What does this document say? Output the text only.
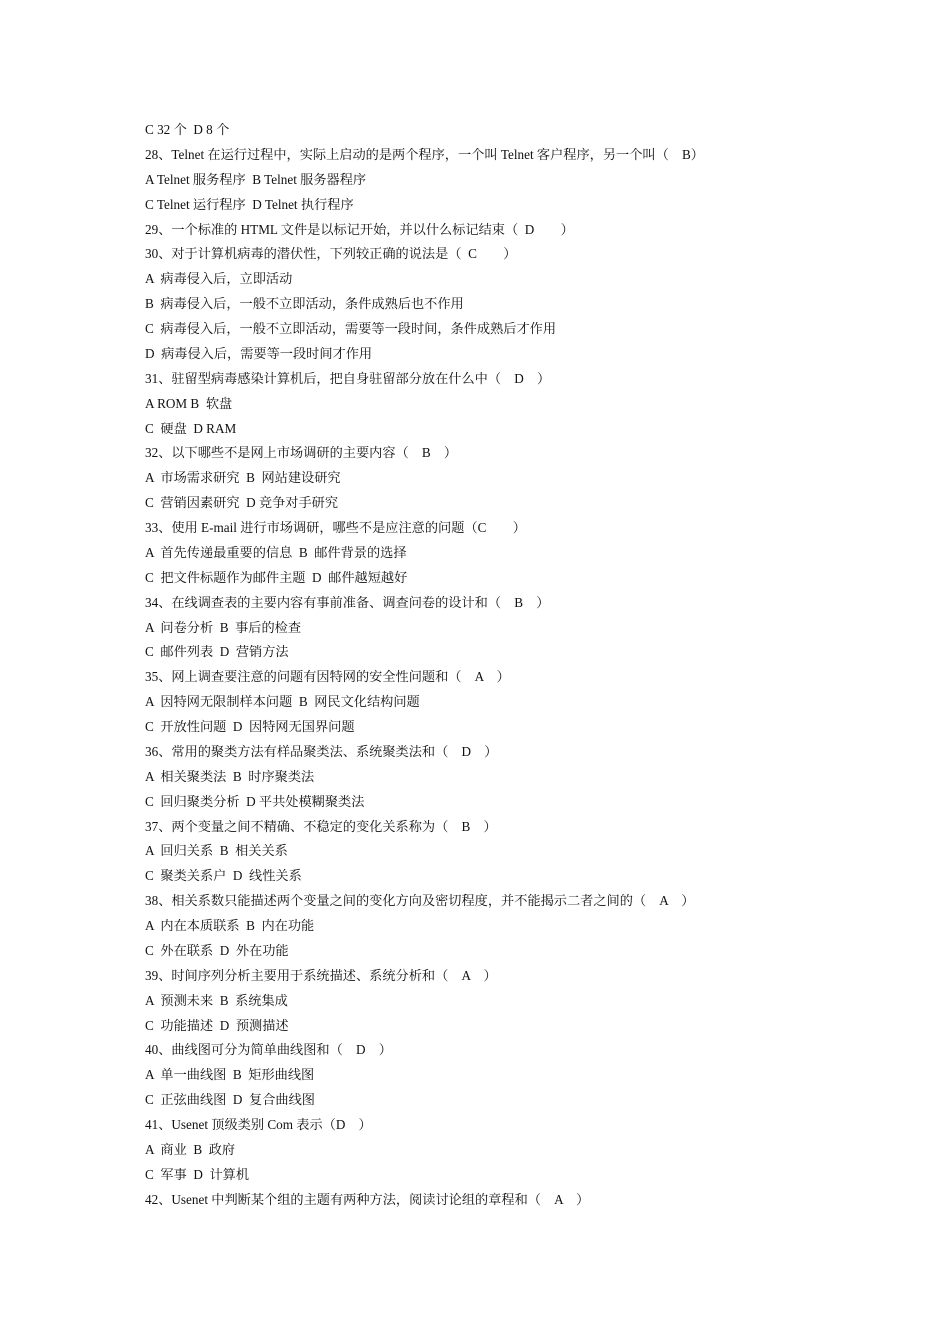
C 32 个  D 8 个
28、Telnet 在运行过程中，实际上启动的是两个程序，一个叫 Telnet 客户程序，另一个叫（    B）
A Telnet 服务程序  B Telnet 服务器程序
C Telnet 运行程序  D Telnet 执行程序
29、一个标准的 HTML 文件是以标记开始，并以什么标记结束（  D        ）
30、对于计算机病毒的潜伏性，下列较正确的说法是（  C        ）
A  病毒侵入后，立即活动
B  病毒侵入后，一般不立即活动，条件成熟后也不作用
C  病毒侵入后，一般不立即活动，需要等一段时间，条件成熟后才作用
D  病毒侵入后，需要等一段时间才作用
31、驻留型病毒感染计算机后，把自身驻留部分放在什么中（    D    ）
A ROM B  软盘
C  硬盘  D RAM
32、以下哪些不是网上市场调研的主要内容（    B    ）
A  市场需求研究  B  网站建设研究
C  营销因素研究  D 竞争对手研究
33、使用 E-mail 进行市场调研，哪些不是应注意的问题（C        ）
A  首先传递最重要的信息  B  邮件背景的选择
C  把文件标题作为邮件主题  D  邮件越短越好
34、在线调查表的主要内容有事前准备、调查问卷的设计和（    B    ）
A  问卷分析  B  事后的检查
C  邮件列表  D  营销方法
35、网上调查要注意的问题有因特网的安全性问题和（    A    ）
A  因特网无限制样本问题  B  网民文化结构问题
C  开放性问题  D  因特网无国界问题
36、常用的聚类方法有样品聚类法、系统聚类法和（    D    ）
A  相关聚类法  B  时序聚类法
C  回归聚类分析  D 平共处模糊聚类法
37、两个变量之间不精确、不稳定的变化关系称为（    B    ）
A  回归关系  B  相关关系
C  聚类关系户  D  线性关系
38、相关系数只能描述两个变量之间的变化方向及密切程度，并不能揭示二者之间的（    A    ）
A  内在本质联系  B  内在功能
C  外在联系  D  外在功能
39、时间序列分析主要用于系统描述、系统分析和（    A    ）
A  预测未来  B  系统集成
C  功能描述  D  预测描述
40、曲线图可分为简单曲线图和（    D    ）
A  单一曲线图  B  矩形曲线图
C  正弦曲线图  D  复合曲线图
41、Usenet 顶级类别 Com 表示（D    ）
A  商业  B  政府
C  军事  D  计算机
42、Usenet 中判断某个组的主题有两种方法，阅读讨论组的章程和（    A    ）
